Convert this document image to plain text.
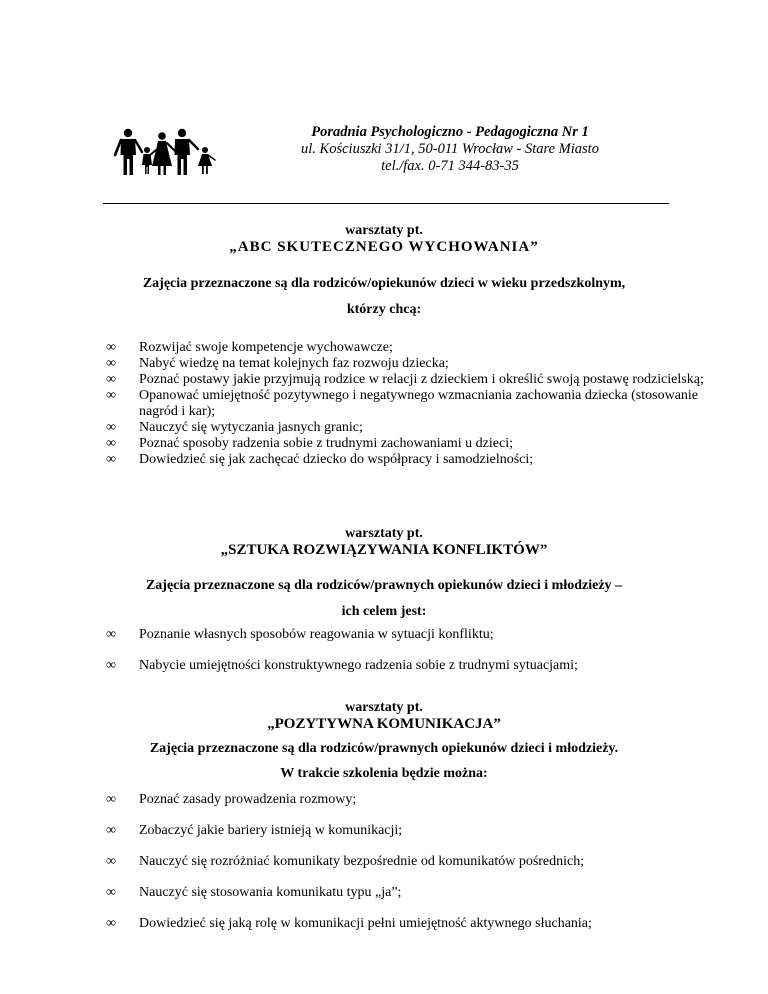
Poradnia Psychologiczno - Pedagogiczna Nr 1
ul. Kościuszki 31/1, 50-011 Wrocław - Stare Miasto
tel./fax. 0-71 344-83-35
warsztaty pt.
„ABC SKUTECZNEGO WYCHOWANIA”
Zajęcia przeznaczone są dla rodziców/opiekunów dzieci w wieku przedszkolnym,
którzy chcą:
∞	Rozwijać swoje kompetencje wychowawcze;
∞	Nabyć wiedzę na temat kolejnych faz rozwoju dziecka;
∞	Poznać postawy jakie przyjmują rodzice w relacji z dzieckiem i określić swoją postawę rodzicielską;
∞	Opanować umiejętność pozytywnego i negatywnego wzmacniania zachowania dziecka (stosowanie nagród i kar);
∞	Nauczyć się wytyczania jasnych granic;
∞	Poznać sposoby radzenia sobie z trudnymi zachowaniami u dzieci;
∞	Dowiedzieć się jak zachęcać dziecko do współpracy i samodzielności;
warsztaty pt.
„SZTUKA ROZWIĄZYWANIA KONFLIKTÓW”
Zajęcia przeznaczone są dla rodziców/prawnych opiekunów dzieci i młodzieży –
ich celem jest:
∞	Poznanie własnych sposobów reagowania w sytuacji konfliktu;
∞	Nabycie umiejętności konstruktywnego radzenia sobie z trudnymi sytuacjami;
warsztaty pt.
„POZYTYWNA KOMUNIKACJA”
Zajęcia przeznaczone są dla rodziców/prawnych opiekunów dzieci i młodzieży.
W trakcie szkolenia będzie można:
∞	Poznać zasady prowadzenia rozmowy;
∞	Zobaczyć jakie bariery istnieją w komunikacji;
∞	Nauczyć się rozróżniać komunikaty bezpośrednie od komunikatów pośrednich;
∞	Nauczyć się stosowania komunikatu typu „ja”;
∞	Dowiedzieć się jaką rolę w komunikacji pełni umiejętność aktywnego słuchania;
